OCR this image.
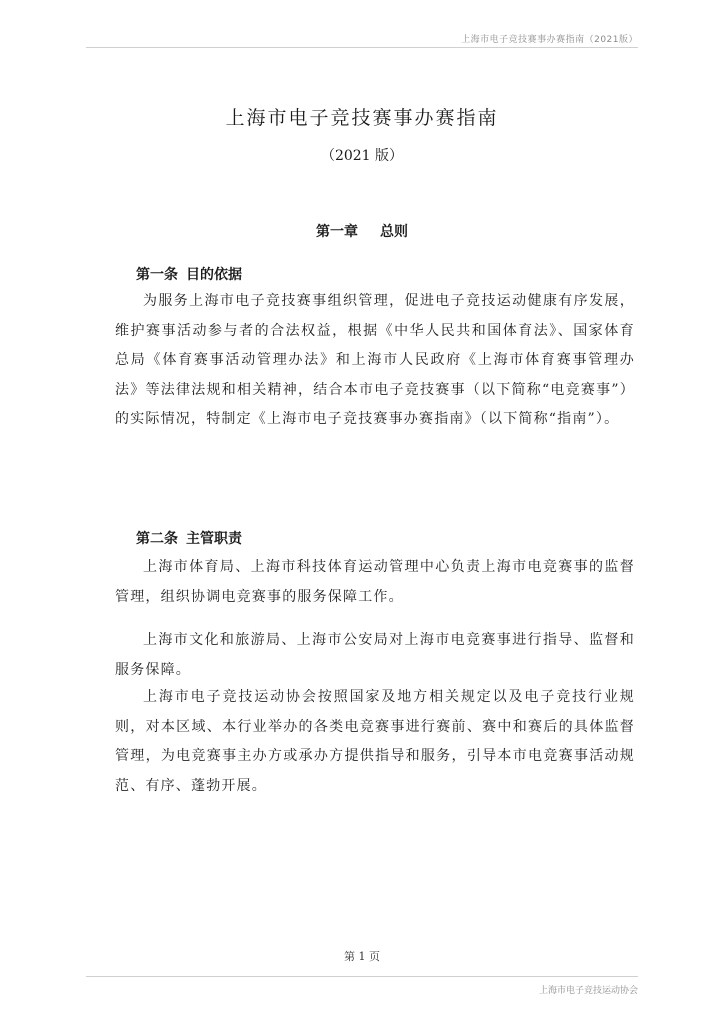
上海市电子竞技赛事办赛指南（2021版）
上海市电子竞技赛事办赛指南
（2021 版）
第一章 总则
第一条 目的依据
为服务上海市电子竞技赛事组织管理，促进电子竞技运动健康有序发展，维护赛事活动参与者的合法权益，根据《中华人民共和国体育法》、国家体育总局《体育赛事活动管理办法》和上海市人民政府《上海市体育赛事管理办法》等法律法规和相关精神，结合本市电子竞技赛事（以下简称“电竞赛事”）的实际情况，特制定《上海市电子竞技赛事办赛指南》（以下简称“指南”）。
第二条 主管职责
上海市体育局、上海市科技体育运动管理中心负责上海市电竞赛事的监督管理，组织协调电竞赛事的服务保障工作。
上海市文化和旅游局、上海市公安局对上海市电竞赛事进行指导、监督和服务保障。
上海市电子竞技运动协会按照国家及地方相关规定以及电子竞技行业规则，对本区域、本行业举办的各类电竞赛事进行赛前、赛中和赛后的具体监督管理，为电竞赛事主办方或承办方提供指导和服务，引导本市电竞赛事活动规范、有序、蓬勃开展。
第 1 页
上海市电子竞技运动协会
